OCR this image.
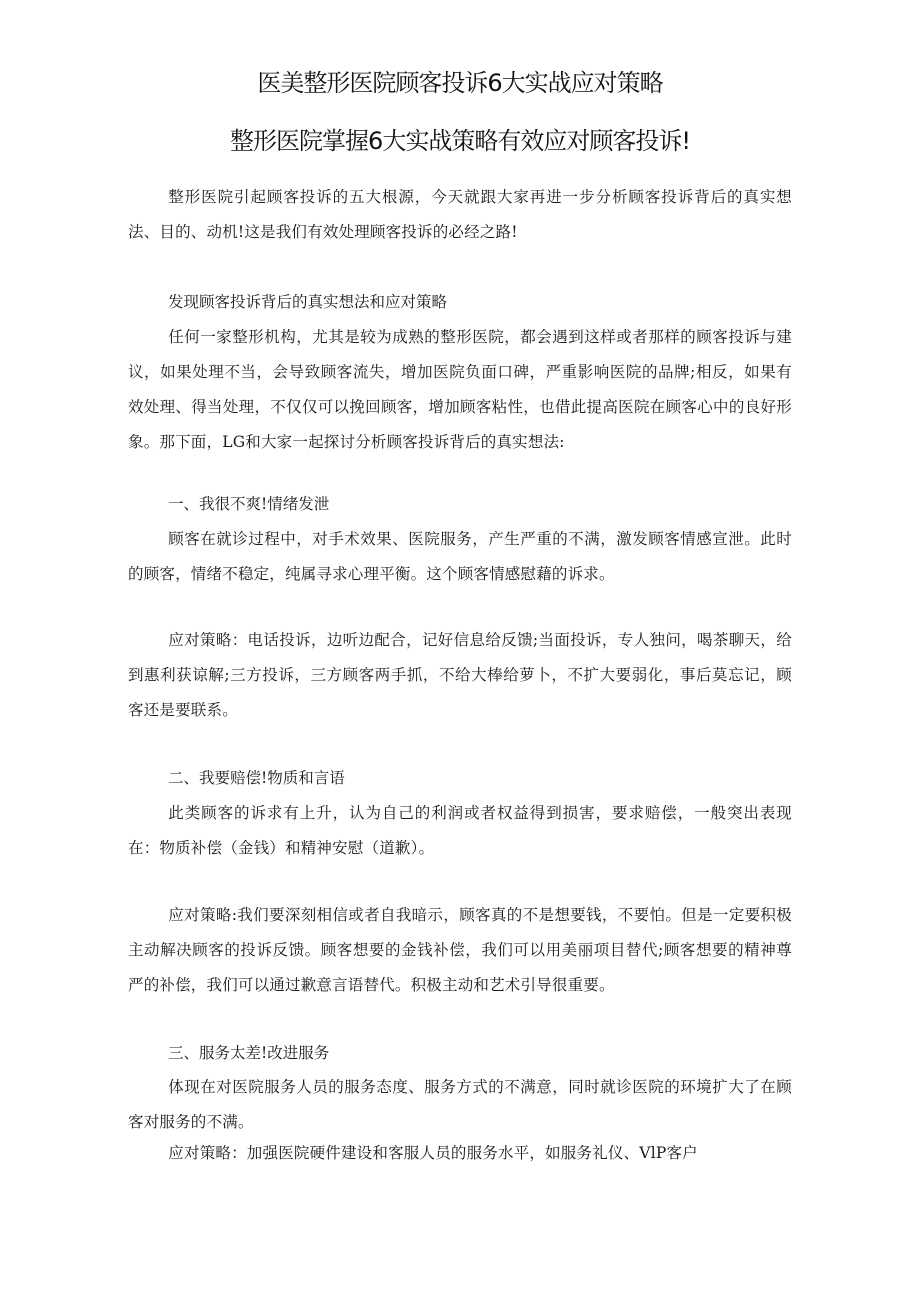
医美整形医院顾客投诉6大实战应对策略
整形医院掌握6大实战策略有效应对顾客投诉!

整形医院引起顾客投诉的五大根源，今天就跟大家再进一步分析顾客投诉背后的真实想法、目的、动机!这是我们有效处理顾客投诉的必经之路!

发现顾客投诉背后的真实想法和应对策略

任何一家整形机构，尤其是较为成熟的整形医院，都会遇到这样或者那样的顾客投诉与建议，如果处理不当，会导致顾客流失，增加医院负面口碑，严重影响医院的品牌;相反，如果有效处理、得当处理，不仅仅可以挽回顾客，增加顾客粘性，也借此提高医院在顾客心中的良好形象。那下面，LG和大家一起探讨分析顾客投诉背后的真实想法:

一、我很不爽!情绪发泄

顾客在就诊过程中，对手术效果、医院服务，产生严重的不满，激发顾客情感宣泄。此时的顾客，情绪不稳定，纯属寻求心理平衡。这个顾客情感慰藉的诉求。

应对策略：电话投诉，边听边配合，记好信息给反馈;当面投诉，专人独问，喝茶聊天，给到惠利获谅解;三方投诉，三方顾客两手抓，不给大棒给萝卜，不扩大要弱化，事后莫忘记，顾客还是要联系。

二、我要赔偿!物质和言语

此类顾客的诉求有上升，认为自己的利润或者权益得到损害，要求赔偿，一般突出表现在：物质补偿（金钱）和精神安慰（道歉）。

应对策略:我们要深刻相信或者自我暗示，顾客真的不是想要钱，不要怕。但是一定要积极主动解决顾客的投诉反馈。顾客想要的金钱补偿，我们可以用美丽项目替代;顾客想要的精神尊严的补偿，我们可以通过歉意言语替代。积极主动和艺术引导很重要。

三、服务太差!改进服务

体现在对医院服务人员的服务态度、服务方式的不满意，同时就诊医院的环境扩大了在顾客对服务的不满。

应对策略：加强医院硬件建设和客服人员的服务水平，如服务礼仪、VlP客户
